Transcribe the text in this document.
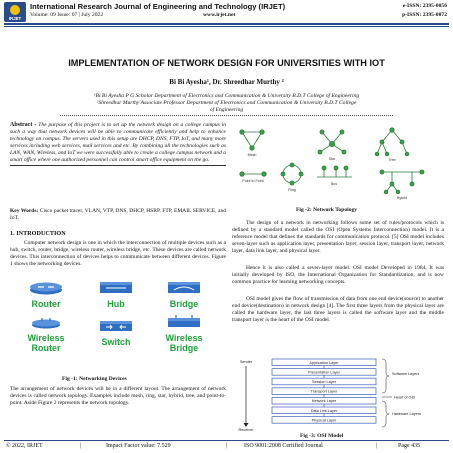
IRJET
International Research Journal of Engineering and Technology (IRJET)
Volume: 09 Issue: 07 | July 2022	www.irjet.net
e-ISSN: 2395-0056
p-ISSN: 2395-0072
IMPLEMENTATION OF NETWORK DESIGN FOR UNIVERSITIES WITH IOT
Bi Bi Ayesha¹, Dr. Shreedhar Murthy ²
¹Bi Bi Ayesha P G Scholar Department of Electronics and Communication & University B.D.T College of Engineering
²Shreedhar Murthy Associate Professor Department of Electronics and Communication & University B.D.T College
of Engineering
Abstract - The purpose of this project is to set up the network design on a college campus in such a way that network devices will be able to communicate efficiently and help to enhance technology on campus. The servers used in this setup are DHCP, DNS, FTP, IoT, and many more services including web services, mail services and etc. By combining all the technologies such as LAN, WAN, Wireless, and IoT we were successfully able to create a college campus network and a smart office where one authorized personnel can control smart office equipment on the go.
Key Words: Cisco packet tracer, VLAN, VTP, DNS, DHCP, HSRP, FTP, EMAIL SERVICE, and IoT.
1. INTRODUCTION
Computer network design is one in which the interconnection of multiple devices such as a hub, switch, router, bridge, wireless router, wireless bridge, etc. These devices are called network devices. This interconnection of devices helps to communicate between different devices. Figure 1 shows the networking devices.
Router	Hub	Bridge
Wireless Router
Switch	Wireless Bridge
Fig -1: Networking Devices
The arrangement of network devices will be in a different layout. The arrangement of network devices is called network topology. Examples include mesh, ring, star, hybrid, tree, and point-to-point. Aside Figure 2 represents the network topology.
Mesh
Star
Point to Point
Ring
Bus
Tree
Hybrid
Fig -2: Network Topology
The design of a network in networking follows some set of rules/protocols which is defined by a standard model called the OSI (Open Systems Interconnection) model. It is a reference model that defines the standards for communication protocol. [5] OSI model includes seven-layer such as application layer, presentation layer, session layer, transport layer, network layer, data link layer, and physical layer.
Hence it is also called a seven-layer model. OSI model Developed in 1984, It was initially developed by ISO, the International Organization for Standardization, and is now common practice for learning networking concepts.
OSI model gives the flow of transmission of data from one end device(source) to another end device(destination) in network design [4]. The first three layers from the physical layer are called the hardware layer, the last three layers is called the software layer and the middle transport layer is the heart of the OSI model.
Sender
Receiver
Application Layer
Presentation Layer
Session Layer
Transport Layer
Network Layer
Data Link Layer
Physical Layer
Software Layers
Heart of OSI
Hardware Layers
Fig -3: OSI Model
© 2022, IRJET	|	Impact Factor value: 7.529	|	ISO 9001:2008 Certified Journal	|	Page 435
